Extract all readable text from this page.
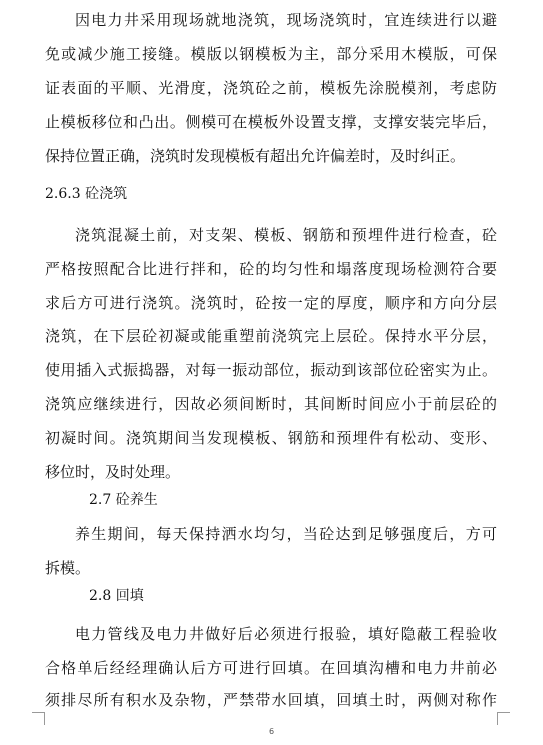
因电力井采用现场就地浇筑，现场浇筑时，宜连续进行以避
免或减少施工接缝。模版以钢模板为主，部分采用木模版，可保
证表面的平顺、光滑度，浇筑砼之前，模板先涂脱模剂，考虑防
止模板移位和凸出。侧模可在模板外设置支撑，支撑安装完毕后，
保持位置正确，浇筑时发现模板有超出允许偏差时，及时纠正。
2.6.3 砼浇筑
浇筑混凝土前，对支架、模板、钢筋和预埋件进行检查，砼
严格按照配合比进行拌和，砼的均匀性和塌落度现场检测符合要
求后方可进行浇筑。浇筑时，砼按一定的厚度，顺序和方向分层
浇筑，在下层砼初凝或能重塑前浇筑完上层砼。保持水平分层，
使用插入式振捣器，对每一振动部位，振动到该部位砼密实为止。
浇筑应继续进行，因故必须间断时，其间断时间应小于前层砼的
初凝时间。浇筑期间当发现模板、钢筋和预埋件有松动、变形、
移位时，及时处理。
2.7 砼养生
养生期间，每天保持洒水均匀，当砼达到足够强度后，方可
拆模。
2.8 回填
电力管线及电力井做好后必须进行报验，填好隐蔽工程验收
合格单后经经理确认后方可进行回填。在回填沟槽和电力井前必
须排尽所有积水及杂物，严禁带水回填，回填土时，两侧对称作
6
